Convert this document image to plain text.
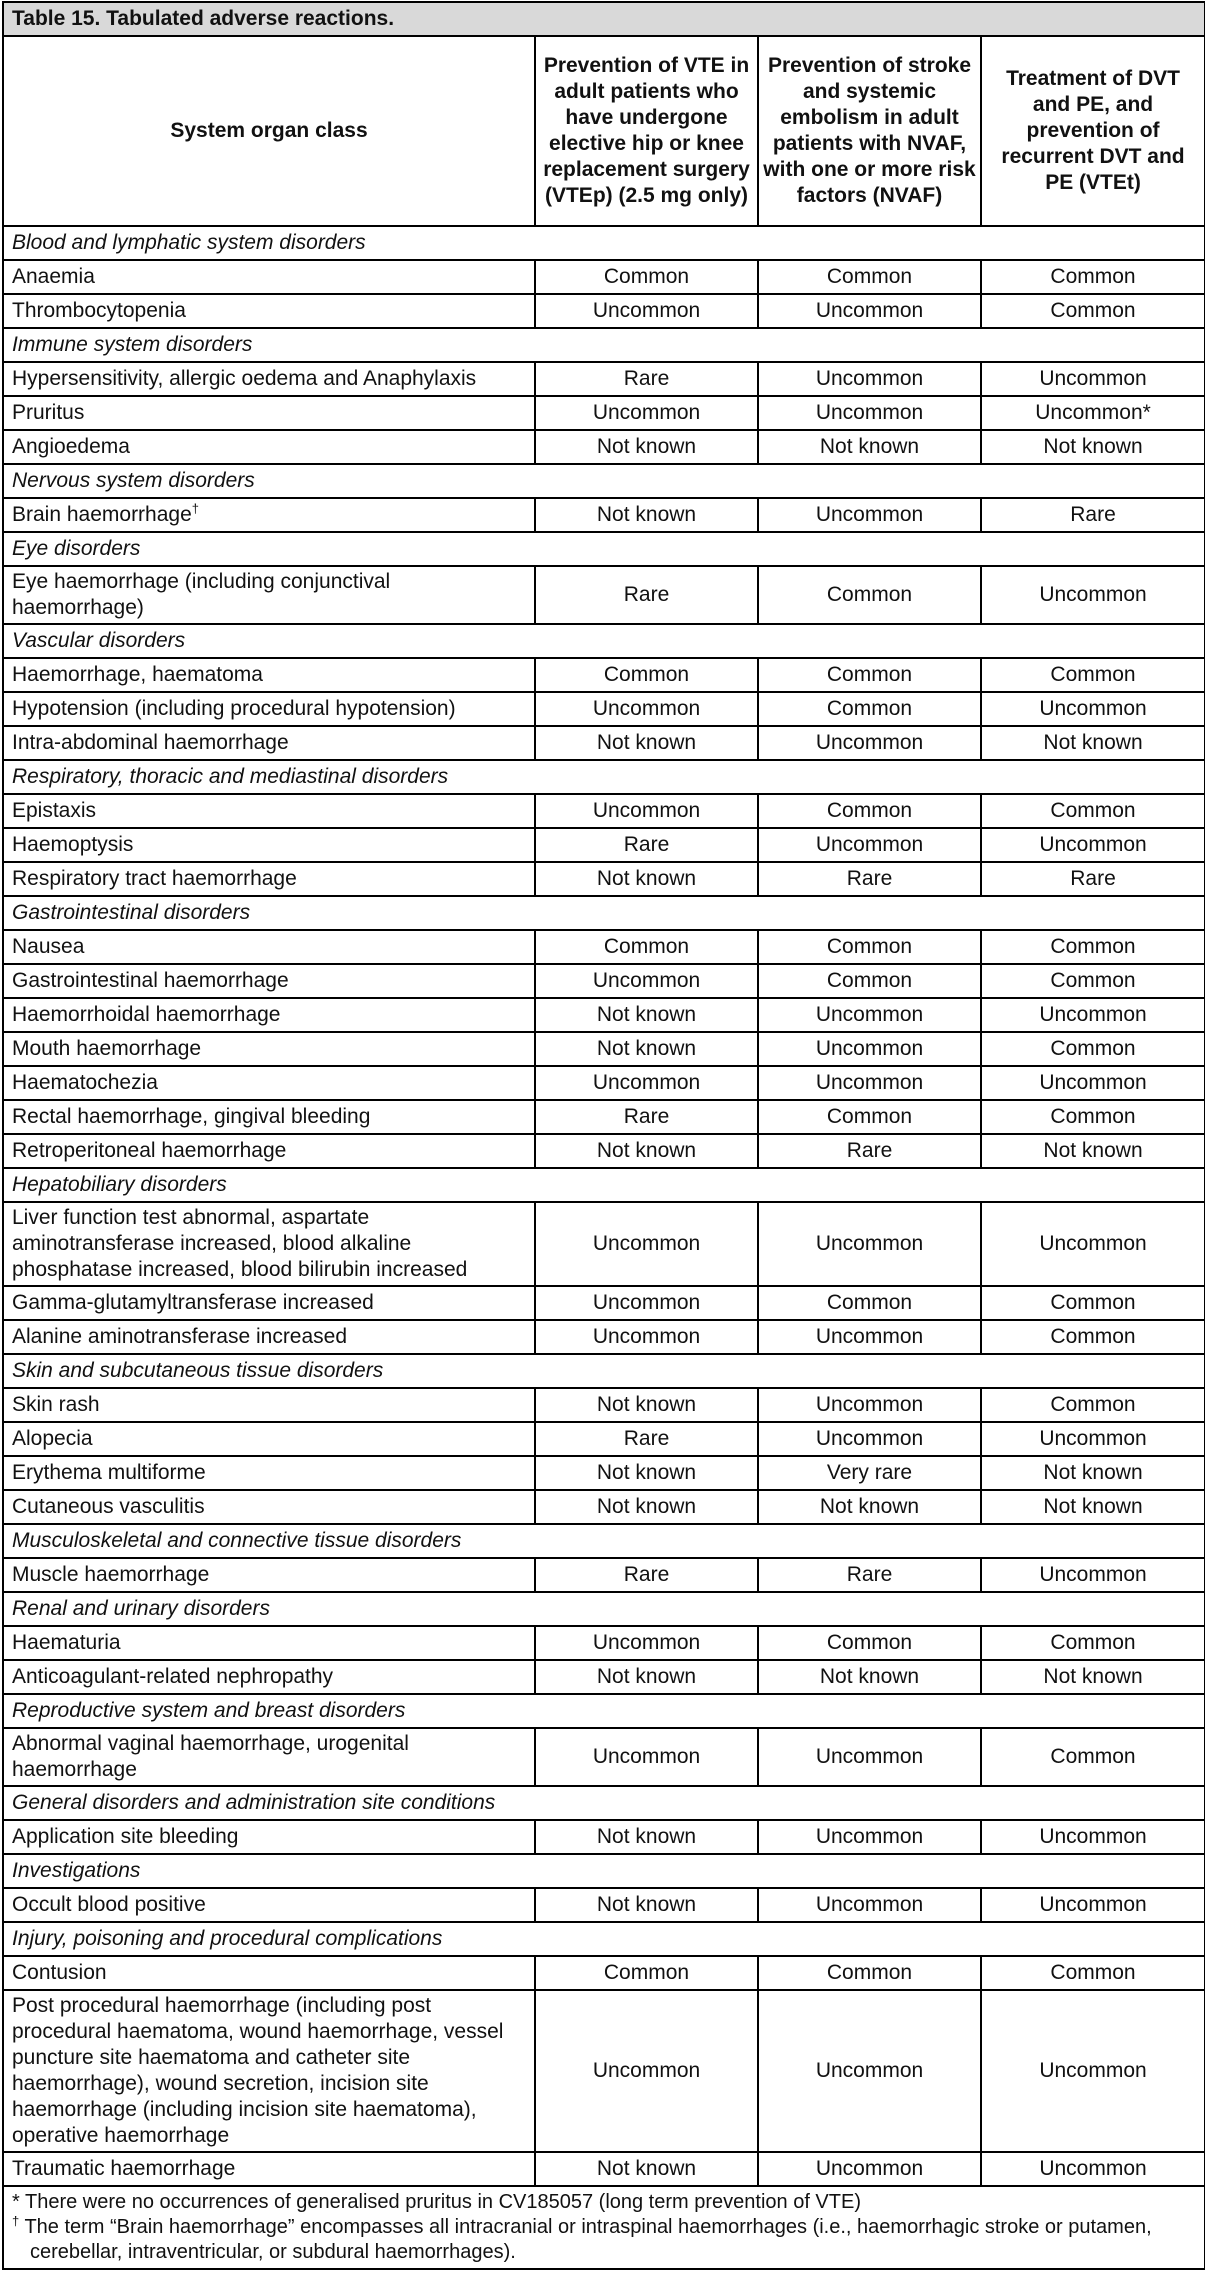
Table 15. Tabulated adverse reactions.			
System organ class	Prevention of VTE in adult patients who have undergone elective hip or knee replacement surgery (VTEp) (2.5 mg only)	Prevention of stroke and systemic embolism in adult patients with NVAF, with one or more risk factors (NVAF)	Treatment of DVT and PE, and prevention of recurrent DVT and PE (VTEt)
Blood and lymphatic system disorders			
Anaemia	Common	Common	Common
Thrombocytopenia	Uncommon	Uncommon	Common
Immune system disorders			
Hypersensitivity, allergic oedema and Anaphylaxis	Rare	Uncommon	Uncommon
Pruritus	Uncommon	Uncommon	Uncommon*
Angioedema	Not known	Not known	Not known
Nervous system disorders			
Brain haemorrhage†	Not known	Uncommon	Rare
Eye disorders			
Eye haemorrhage (including conjunctival haemorrhage)	Rare	Common	Uncommon
Vascular disorders			
Haemorrhage, haematoma	Common	Common	Common
Hypotension (including procedural hypotension)	Uncommon	Common	Uncommon
Intra-abdominal haemorrhage	Not known	Uncommon	Not known
Respiratory, thoracic and mediastinal disorders			
Epistaxis	Uncommon	Common	Common
Haemoptysis	Rare	Uncommon	Uncommon
Respiratory tract haemorrhage	Not known	Rare	Rare
Gastrointestinal disorders			
Nausea	Common	Common	Common
Gastrointestinal haemorrhage	Uncommon	Common	Common
Haemorrhoidal haemorrhage	Not known	Uncommon	Uncommon
Mouth haemorrhage	Not known	Uncommon	Common
Haematochezia	Uncommon	Uncommon	Uncommon
Rectal haemorrhage, gingival bleeding	Rare	Common	Common
Retroperitoneal haemorrhage	Not known	Rare	Not known
Hepatobiliary disorders			
Liver function test abnormal, aspartate aminotransferase increased, blood alkaline phosphatase increased, blood bilirubin increased	Uncommon	Uncommon	Uncommon
Gamma-glutamyltransferase increased	Uncommon	Common	Common
Alanine aminotransferase increased	Uncommon	Uncommon	Common
Skin and subcutaneous tissue disorders			
Skin rash	Not known	Uncommon	Common
Alopecia	Rare	Uncommon	Uncommon
Erythema multiforme	Not known	Very rare	Not known
Cutaneous vasculitis	Not known	Not known	Not known
Musculoskeletal and connective tissue disorders			
Muscle haemorrhage	Rare	Rare	Uncommon
Renal and urinary disorders			
Haematuria	Uncommon	Common	Common
Anticoagulant-related nephropathy	Not known	Not known	Not known
Reproductive system and breast disorders			
Abnormal vaginal haemorrhage, urogenital haemorrhage	Uncommon	Uncommon	Common
General disorders and administration site conditions			
Application site bleeding	Not known	Uncommon	Uncommon
Investigations			
Occult blood positive	Not known	Uncommon	Uncommon
Injury, poisoning and procedural complications			
Contusion	Common	Common	Common
Post procedural haemorrhage (including post procedural haematoma, wound haemorrhage, vessel puncture site haematoma and catheter site haemorrhage), wound secretion, incision site haemorrhage (including incision site haematoma), operative haemorrhage	Uncommon	Uncommon	Uncommon
Traumatic haemorrhage	Not known	Uncommon	Uncommon

* There were no occurrences of generalised pruritus in CV185057 (long term prevention of VTE)
† The term “Brain haemorrhage” encompasses all intracranial or intraspinal haemorrhages (i.e., haemorrhagic stroke or putamen, cerebellar, intraventricular, or subdural haemorrhages).			
